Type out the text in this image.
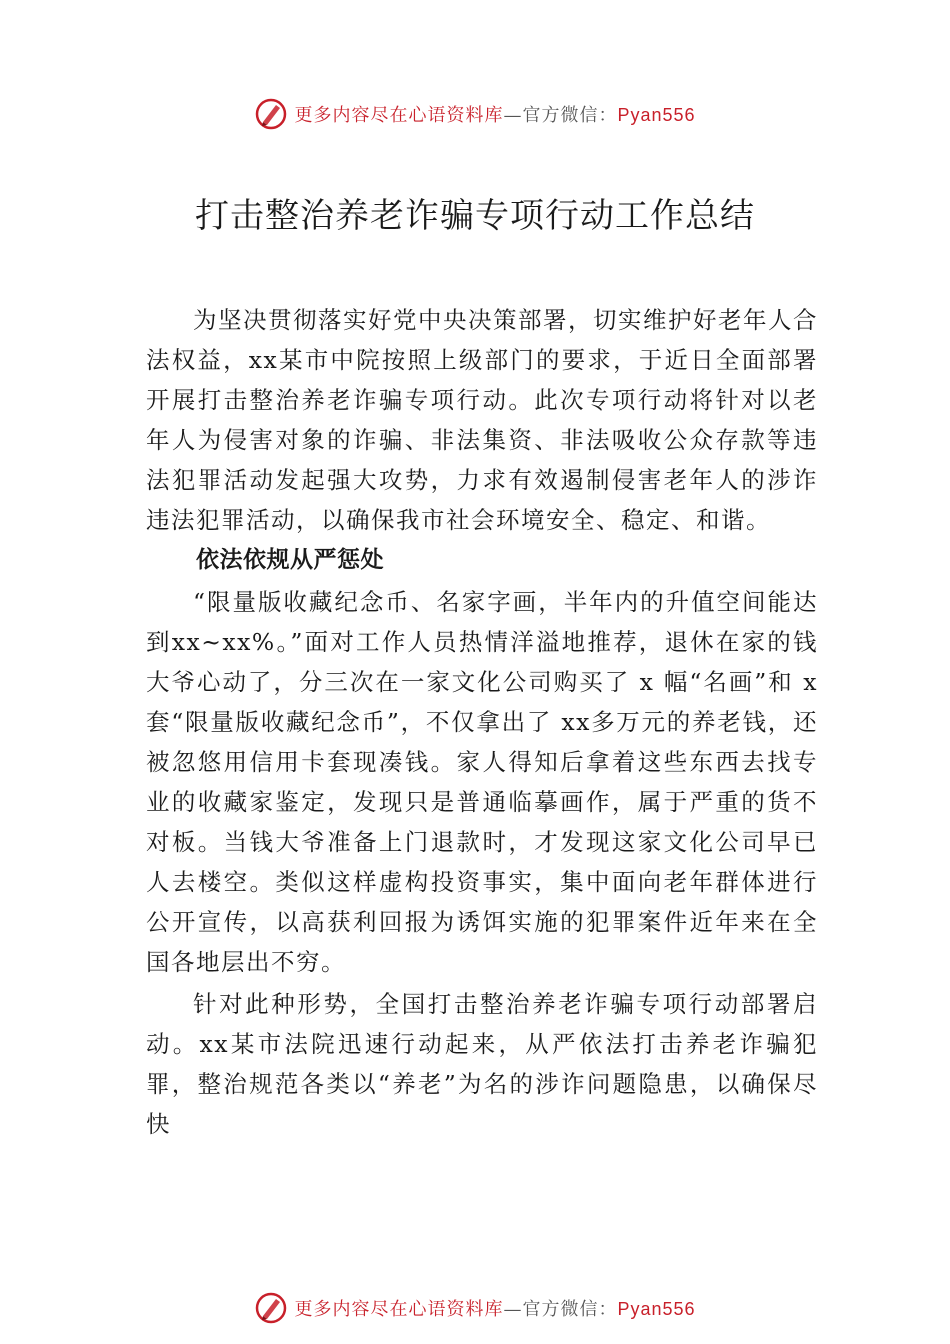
更多内容尽在心语资料库—官方微信：Pyan556
打击整治养老诈骗专项行动工作总结

为坚决贯彻落实好党中央决策部署，切实维护好老年人合法权益，xx某市中院按照上级部门的要求，于近日全面部署开展打击整治养老诈骗专项行动。此次专项行动将针对以老年人为侵害对象的诈骗、非法集资、非法吸收公众存款等违法犯罪活动发起强大攻势，力求有效遏制侵害老年人的涉诈违法犯罪活动，以确保我市社会环境安全、稳定、和谐。

依法依规从严惩处

“限量版收藏纪念币、名家字画，半年内的升值空间能达到xx~xx%。”面对工作人员热情洋溢地推荐，退休在家的钱大爷心动了，分三次在一家文化公司购买了 x 幅“名画”和 x 套“限量版收藏纪念币”，不仅拿出了 xx多万元的养老钱，还被忽悠用信用卡套现凑钱。家人得知后拿着这些东西去找专业的收藏家鉴定，发现只是普通临摹画作，属于严重的货不对板。当钱大爷准备上门退款时，才发现这家文化公司早已人去楼空。类似这样虚构投资事实，集中面向老年群体进行公开宣传，以高获利回报为诱饵实施的犯罪案件近年来在全国各地层出不穷。

针对此种形势，全国打击整治养老诈骗专项行动部署启动。xx某市法院迅速行动起来，从严依法打击养老诈骗犯罪，整治规范各类以“养老”为名的涉诈问题隐患，以确保尽快

更多内容尽在心语资料库—官方微信：Pyan556
